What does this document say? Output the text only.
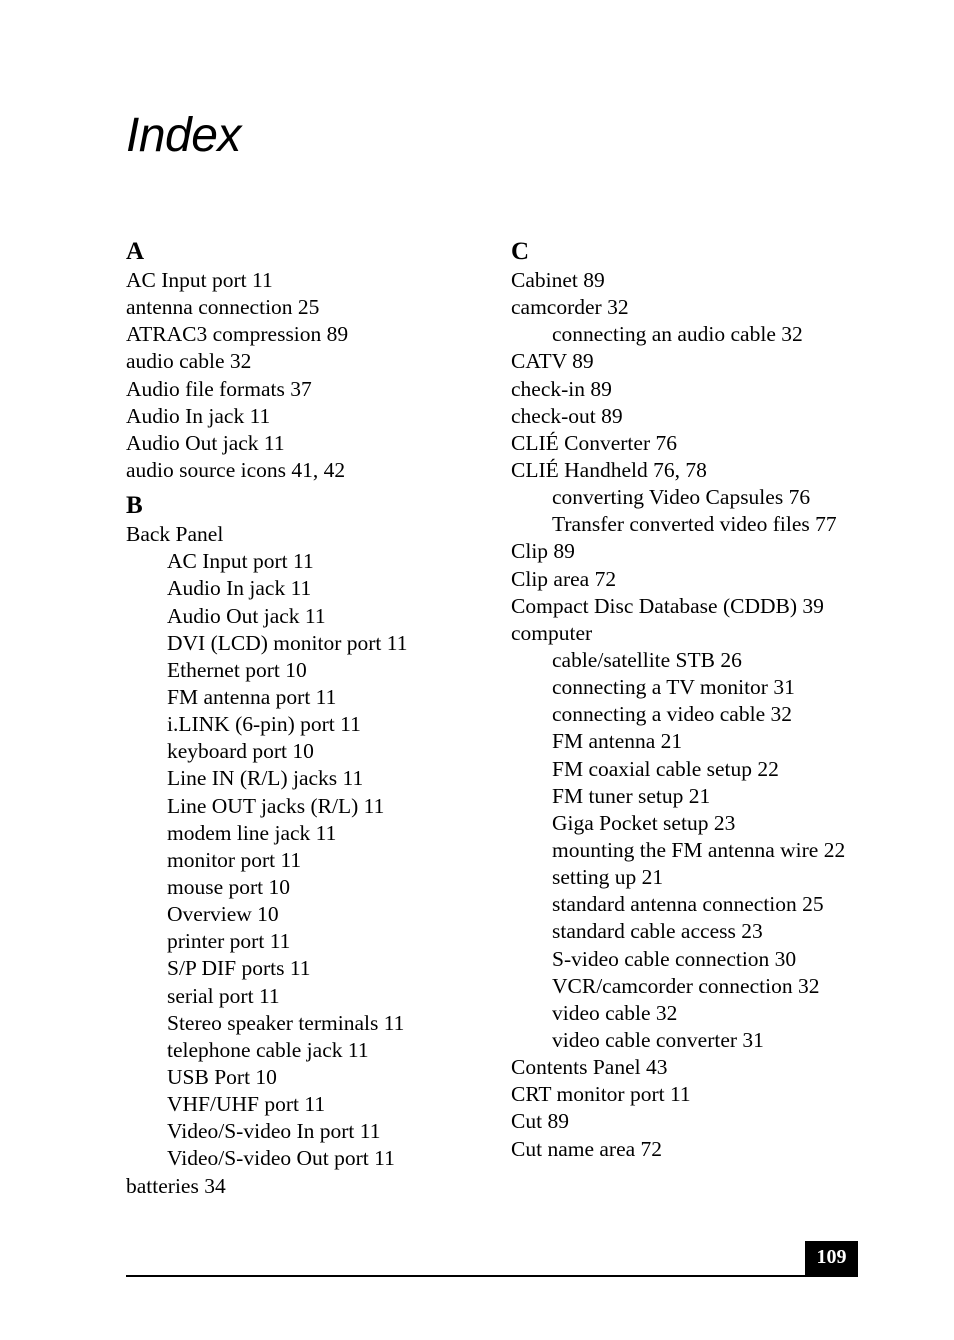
Index
A
AC Input port 11
antenna connection 25
ATRAC3 compression 89
audio cable 32
Audio file formats 37
Audio In jack 11
Audio Out jack 11
audio source icons 41, 42
B
Back Panel
AC Input port 11
Audio In jack 11
Audio Out jack 11
DVI (LCD) monitor port 11
Ethernet port 10
FM antenna port 11
i.LINK (6-pin) port 11
keyboard port 10
Line IN (R/L) jacks 11
Line OUT jacks (R/L) 11
modem line jack 11
monitor port 11
mouse port 10
Overview 10
printer port 11
S/P DIF ports 11
serial port 11
Stereo speaker terminals 11
telephone cable jack 11
USB Port 10
VHF/UHF port 11
Video/S-video In port 11
Video/S-video Out port 11
batteries 34
C
Cabinet 89
camcorder 32
connecting an audio cable 32
CATV 89
check-in 89
check-out 89
CLIÉ Converter 76
CLIÉ Handheld 76, 78
converting Video Capsules 76
Transfer converted video files 77
Clip 89
Clip area 72
Compact Disc Database (CDDB) 39
computer
cable/satellite STB 26
connecting a TV monitor 31
connecting a video cable 32
FM antenna 21
FM coaxial cable setup 22
FM tuner setup 21
Giga Pocket setup 23
mounting the FM antenna wire 22
setting up 21
standard antenna connection 25
standard cable access 23
S-video cable connection 30
VCR/camcorder connection 32
video cable 32
video cable converter 31
Contents Panel 43
CRT monitor port 11
Cut 89
Cut name area 72
109
